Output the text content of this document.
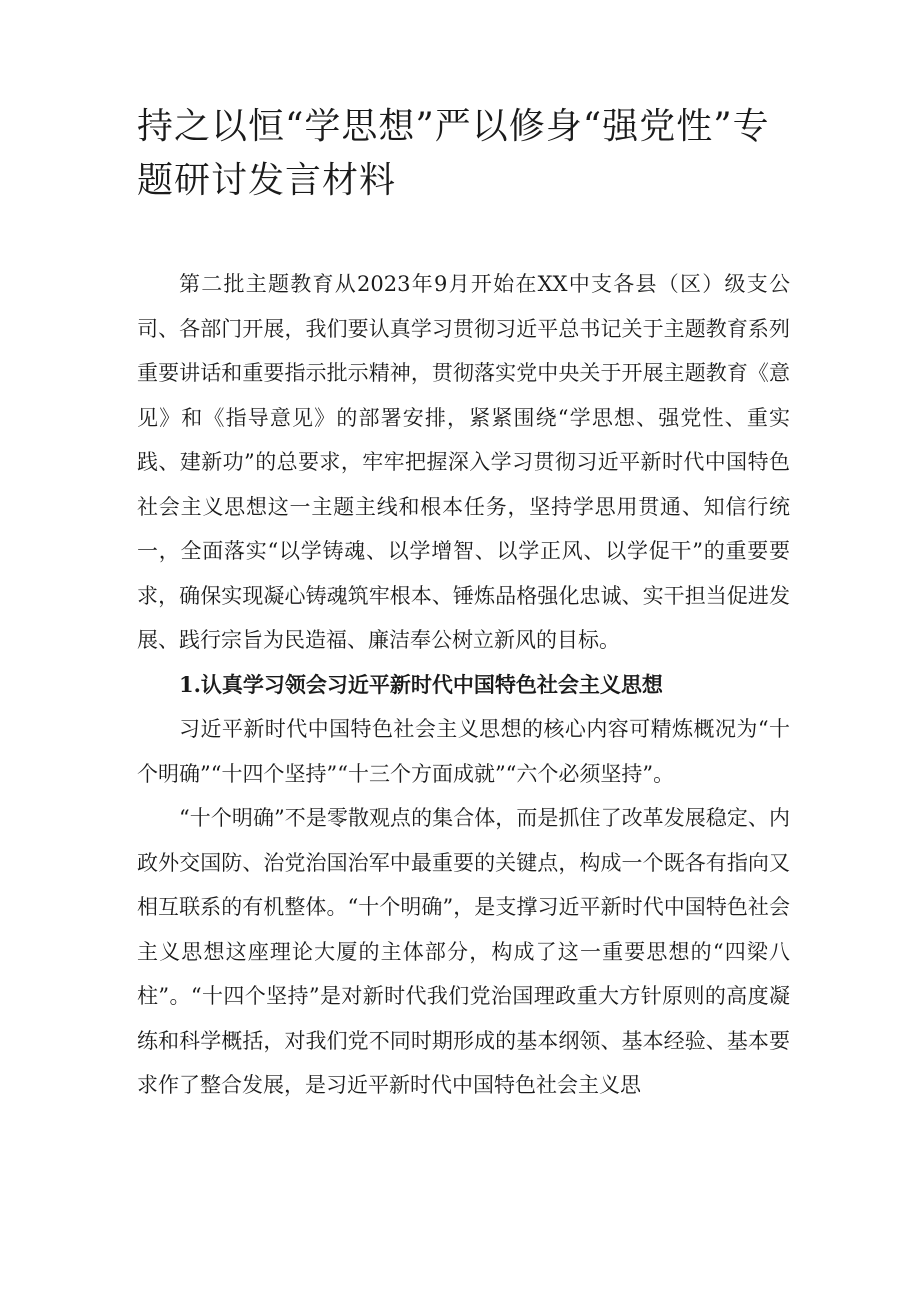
持之以恒“学思想”严以修身“强党性”专题研讨发言材料

第二批主题教育从2023年9月开始在XX中支各县（区）级支公司、各部门开展，我们要认真学习贯彻习近平总书记关于主题教育系列重要讲话和重要指示批示精神，贯彻落实党中央关于开展主题教育《意见》和《指导意见》的部署安排，紧紧围绕“学思想、强党性、重实践、建新功”的总要求，牢牢把握深入学习贯彻习近平新时代中国特色社会主义思想这一主题主线和根本任务，坚持学思用贯通、知信行统一，全面落实“以学铸魂、以学增智、以学正风、以学促干”的重要要求，确保实现凝心铸魂筑牢根本、锤炼品格强化忠诚、实干担当促进发展、践行宗旨为民造福、廉洁奉公树立新风的目标。

1.认真学习领会习近平新时代中国特色社会主义思想

习近平新时代中国特色社会主义思想的核心内容可精炼概况为“十个明确”“十四个坚持”“十三个方面成就”“六个必须坚持”。

“十个明确”不是零散观点的集合体，而是抓住了改革发展稳定、内政外交国防、治党治国治军中最重要的关键点，构成一个既各有指向又相互联系的有机整体。“十个明确”，是支撑习近平新时代中国特色社会主义思想这座理论大厦的主体部分，构成了这一重要思想的“四梁八柱”。“十四个坚持”是对新时代我们党治国理政重大方针原则的高度凝练和科学概括，对我们党不同时期形成的基本纲领、基本经验、基本要求作了整合发展，是习近平新时代中国特色社会主义思
